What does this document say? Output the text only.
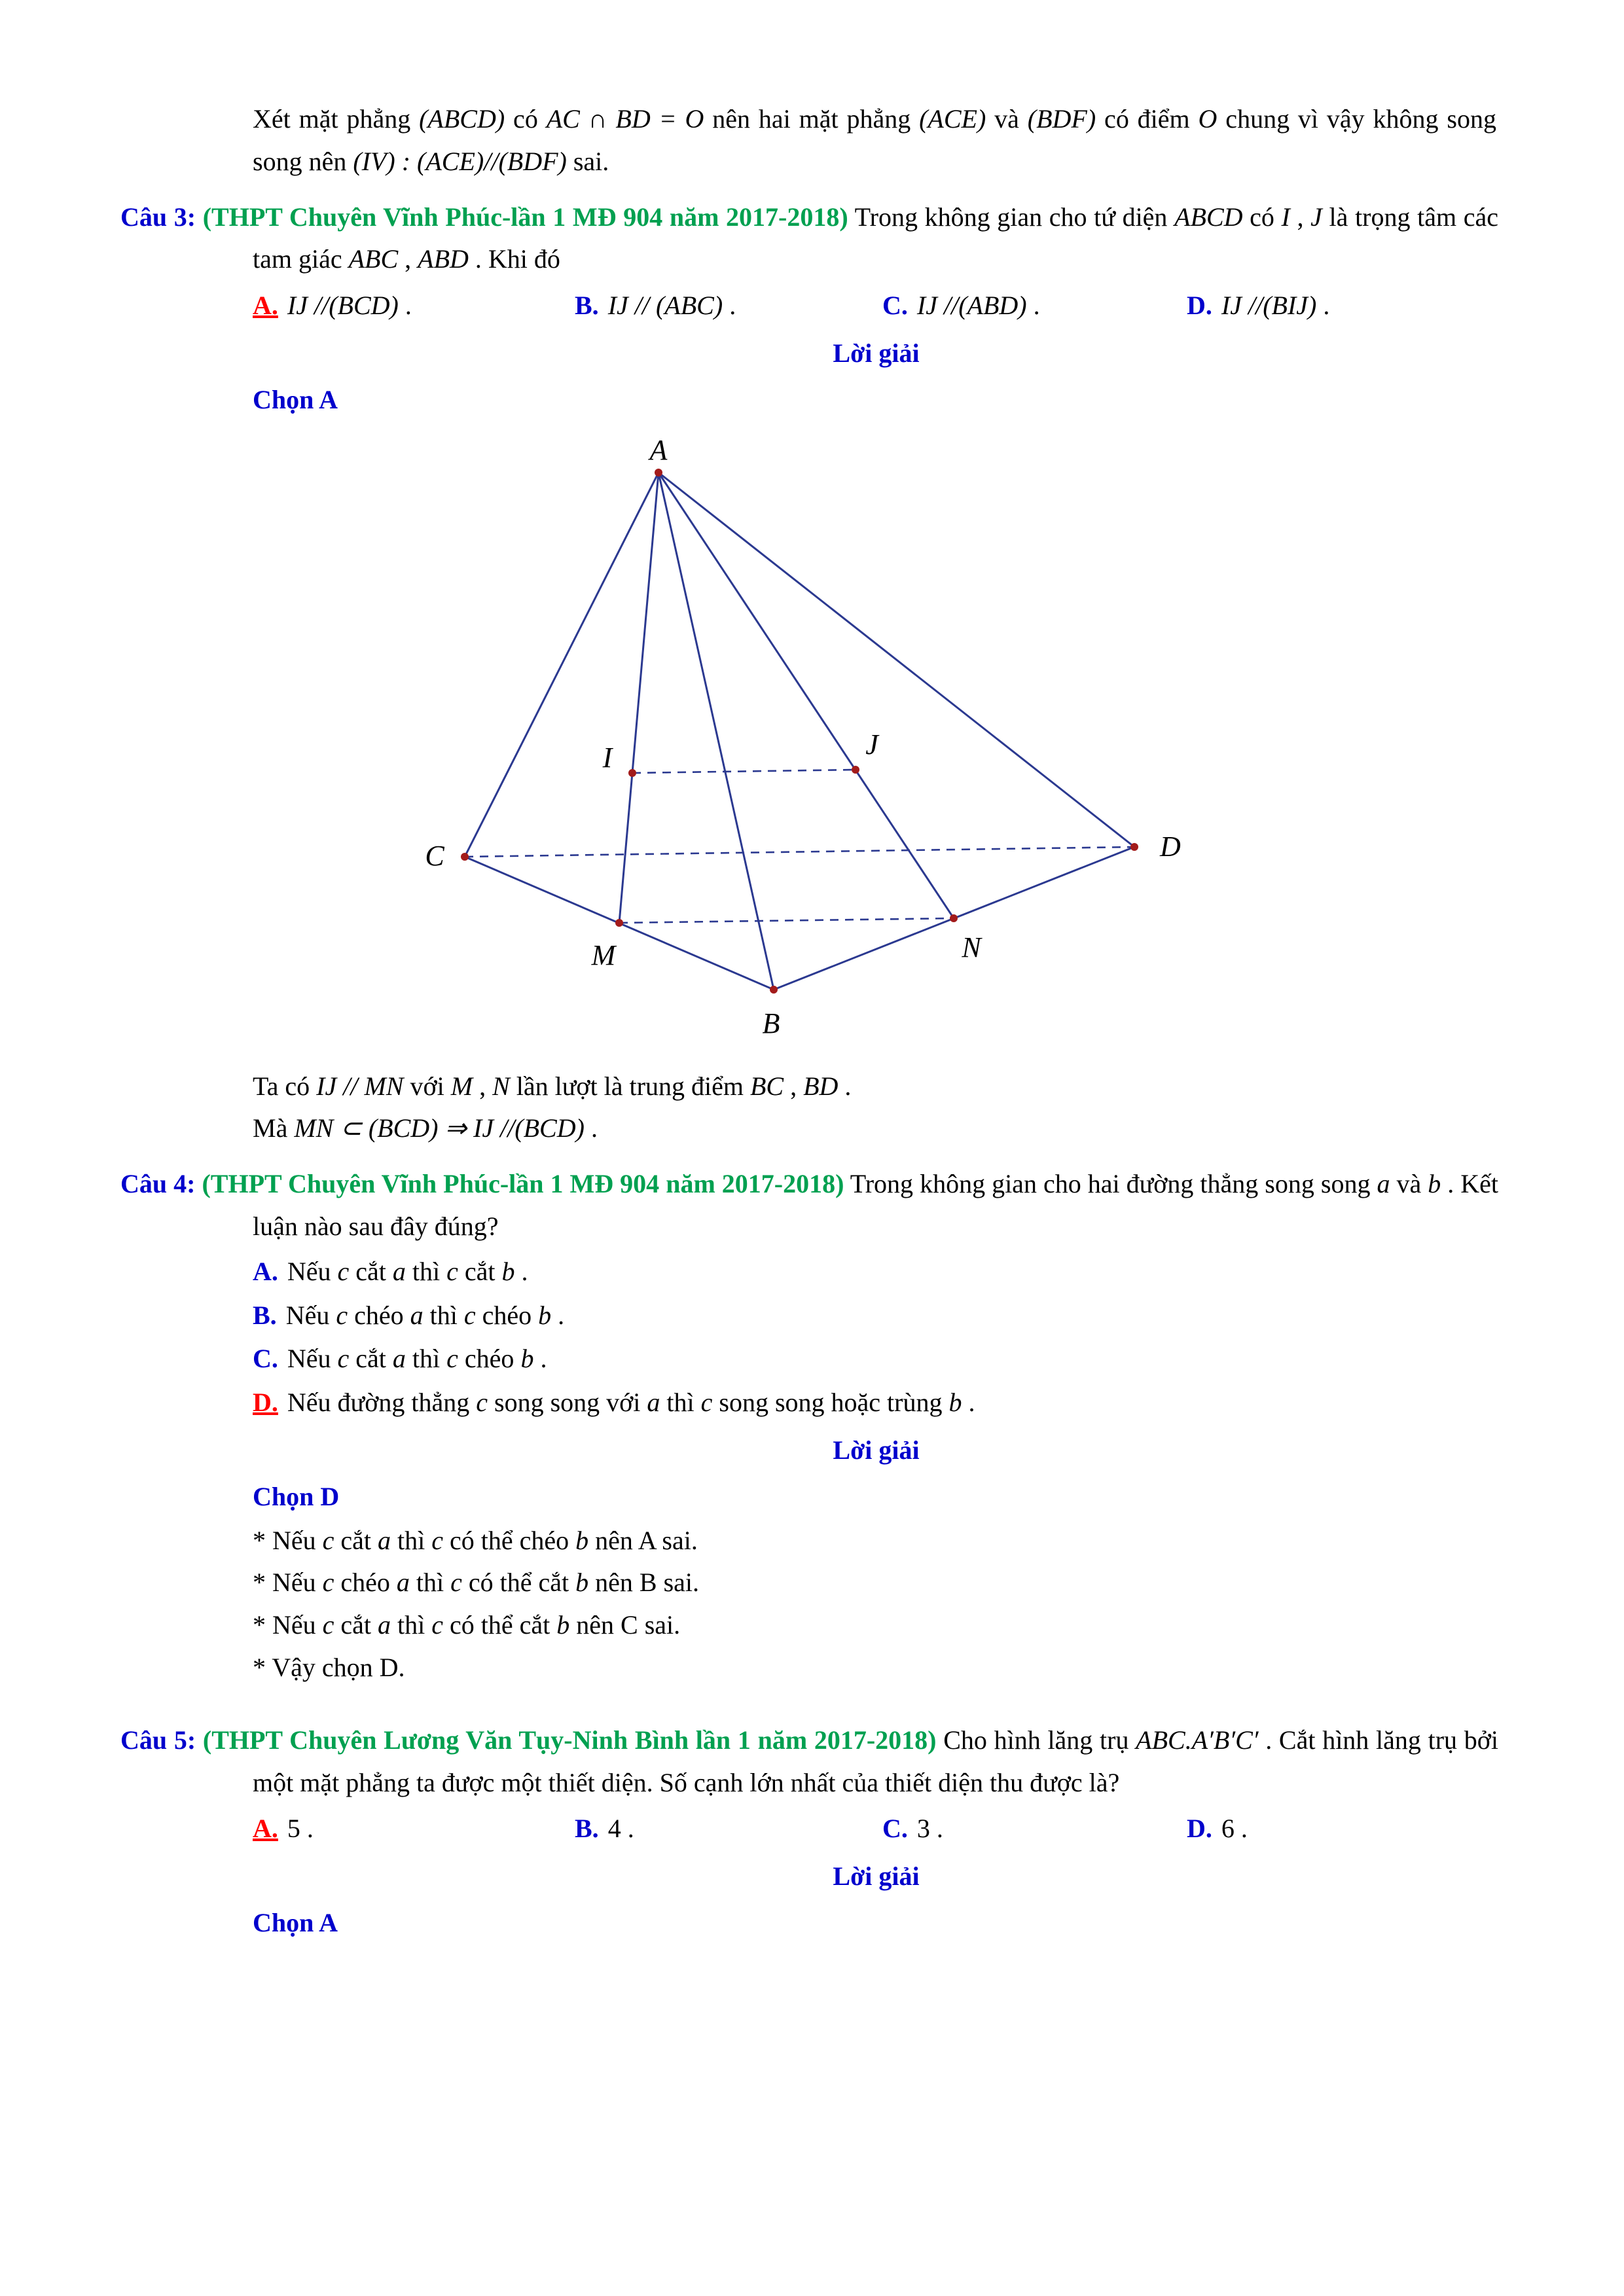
Xét mặt phẳng (ABCD) có AC ∩ BD = O nên hai mặt phẳng (ACE) và (BDF) có điểm O chung vì vậy không song song nên (IV) : (ACE)//(BDF) sai.

Câu 3: (THPT Chuyên Vĩnh Phúc-lần 1 MĐ 904 năm 2017-2018) Trong không gian cho tứ diện ABCD có I , J là trọng tâm các tam giác ABC , ABD . Khi đó

A. IJ //(BCD) .	B. IJ // (ABC) .	C. IJ //(ABD) .	D. IJ //(BIJ) .

Lời giải

Chọn A

A
C	D
B
I	J
M	N

Ta có IJ // MN với M , N lần lượt là trung điểm BC , BD .

Mà MN ⊂ (BCD) ⇒ IJ //(BCD) .

Câu 4: (THPT Chuyên Vĩnh Phúc-lần 1 MĐ 904 năm 2017-2018) Trong không gian cho hai đường thẳng song song a và b . Kết luận nào sau đây đúng?

A. Nếu c cắt a thì c cắt b .

B. Nếu c chéo a thì c chéo b .

C. Nếu c cắt a thì c chéo b .

D. Nếu đường thẳng c song song với a thì c song song hoặc trùng b .

Lời giải

Chọn D

* Nếu c cắt a thì c có thể chéo b nên A sai.

* Nếu c chéo a thì c có thể cắt b nên B sai.

* Nếu c cắt a thì c có thể cắt b nên C sai.

* Vậy chọn D.

Câu 5: (THPT Chuyên Lương Văn Tụy-Ninh Bình lần 1 năm 2017-2018) Cho hình lăng trụ ABC.A′B′C′ . Cắt hình lăng trụ bởi một mặt phẳng ta được một thiết diện. Số cạnh lớn nhất của thiết diện thu được là?

A. 5 .	B. 4 .	C. 3 .	D. 6 .

Lời giải

Chọn A
